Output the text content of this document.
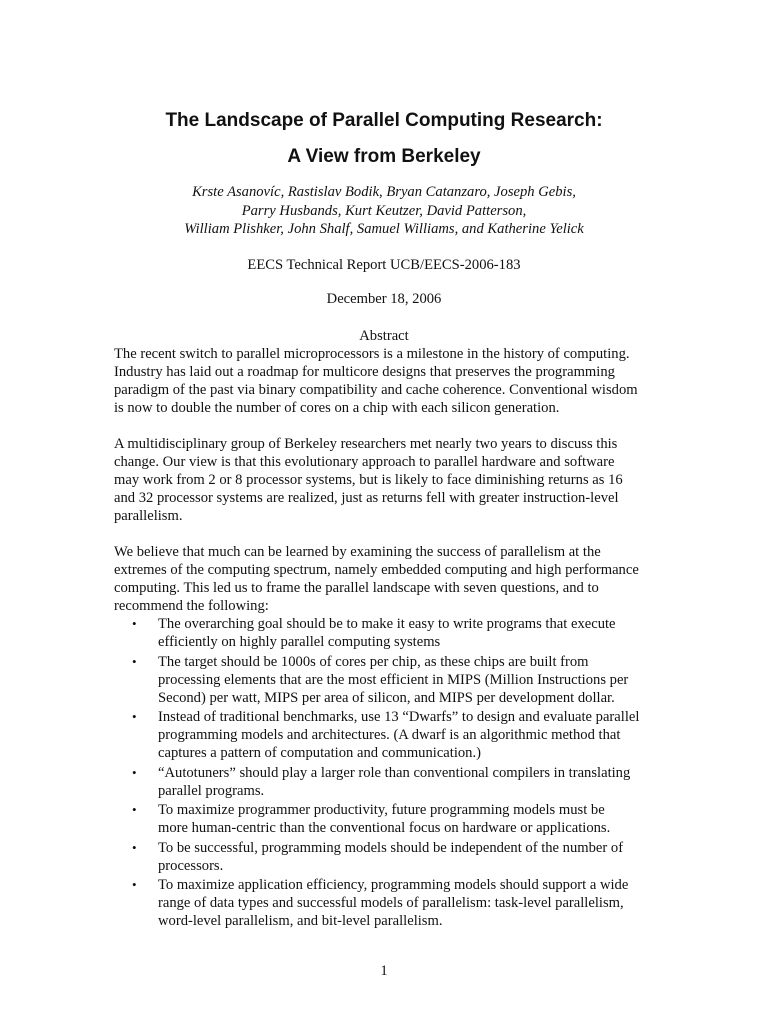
The Landscape of Parallel Computing Research:
A View from Berkeley
Krste Asanovíc, Rastislav Bodik, Bryan Catanzaro, Joseph Gebis,
Parry Husbands, Kurt Keutzer, David Patterson,
William Plishker, John Shalf, Samuel Williams, and Katherine Yelick
EECS Technical Report UCB/EECS-2006-183
December 18, 2006
Abstract

The recent switch to parallel microprocessors is a milestone in the history of computing.
Industry has laid out a roadmap for multicore designs that preserves the programming
paradigm of the past via binary compatibility and cache coherence. Conventional wisdom
is now to double the number of cores on a chip with each silicon generation.

A multidisciplinary group of Berkeley researchers met nearly two years to discuss this
change. Our view is that this evolutionary approach to parallel hardware and software
may work from 2 or 8 processor systems, but is likely to face diminishing returns as 16
and 32 processor systems are realized, just as returns fell with greater instruction-level
parallelism.

We believe that much can be learned by examining the success of parallelism at the
extremes of the computing spectrum, namely embedded computing and high performance
computing. This led us to frame the parallel landscape with seven questions, and to
recommend the following:

• The overarching goal should be to make it easy to write programs that execute
efficiently on highly parallel computing systems
• The target should be 1000s of cores per chip, as these chips are built from
processing elements that are the most efficient in MIPS (Million Instructions per
Second) per watt, MIPS per area of silicon, and MIPS per development dollar.
• Instead of traditional benchmarks, use 13 “Dwarfs” to design and evaluate parallel
programming models and architectures. (A dwarf is an algorithmic method that
captures a pattern of computation and communication.)
• “Autotuners” should play a larger role than conventional compilers in translating
parallel programs.
• To maximize programmer productivity, future programming models must be
more human-centric than the conventional focus on hardware or applications.
• To be successful, programming models should be independent of the number of
processors.
• To maximize application efficiency, programming models should support a wide
range of data types and successful models of parallelism: task-level parallelism,
word-level parallelism, and bit-level parallelism.
1
